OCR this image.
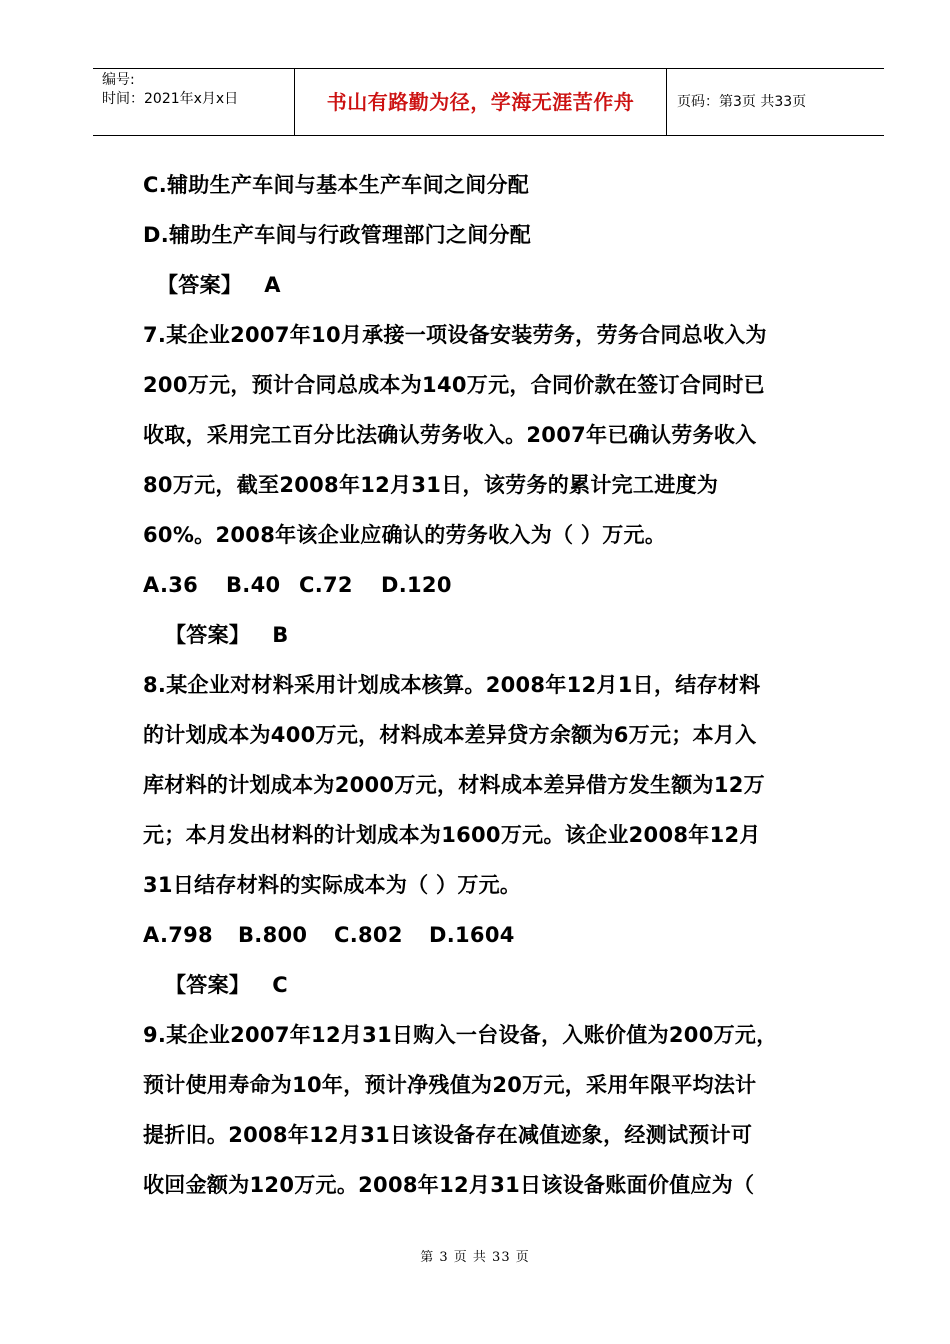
编号:
时间：2021年x月x日	书山有路勤为径，学海无涯苦作舟	页码：第3页 共33页
C.辅助生产车间与基本生产车间之间分配
D.辅助生产车间与行政管理部门之间分配
【答案】 A
7.某企业2007年10月承接一项设备安装劳务，劳务合同总收入为
200万元，预计合同总成本为140万元，合同价款在签订合同时已
收取，采用完工百分比法确认劳务收入。2007年已确认劳务收入
80万元，截至2008年12月31日，该劳务的累计完工进度为
60%。2008年该企业应确认的劳务收入为（ ）万元。
A.36 B.40 C.72 D.120
【答案】 B
8.某企业对材料采用计划成本核算。2008年12月1日，结存材料
的计划成本为400万元，材料成本差异贷方余额为6万元；本月入
库材料的计划成本为2000万元，材料成本差异借方发生额为12万
元；本月发出材料的计划成本为1600万元。该企业2008年12月
31日结存材料的实际成本为（ ）万元。
A.798 B.800 C.802 D.1604
【答案】 C
9.某企业2007年12月31日购入一台设备，入账价值为200万元，
预计使用寿命为10年，预计净残值为20万元，采用年限平均法计
提折旧。2008年12月31日该设备存在减值迹象，经测试预计可
收回金额为120万元。2008年12月31日该设备账面价值应为（
第 3 页 共 33 页
